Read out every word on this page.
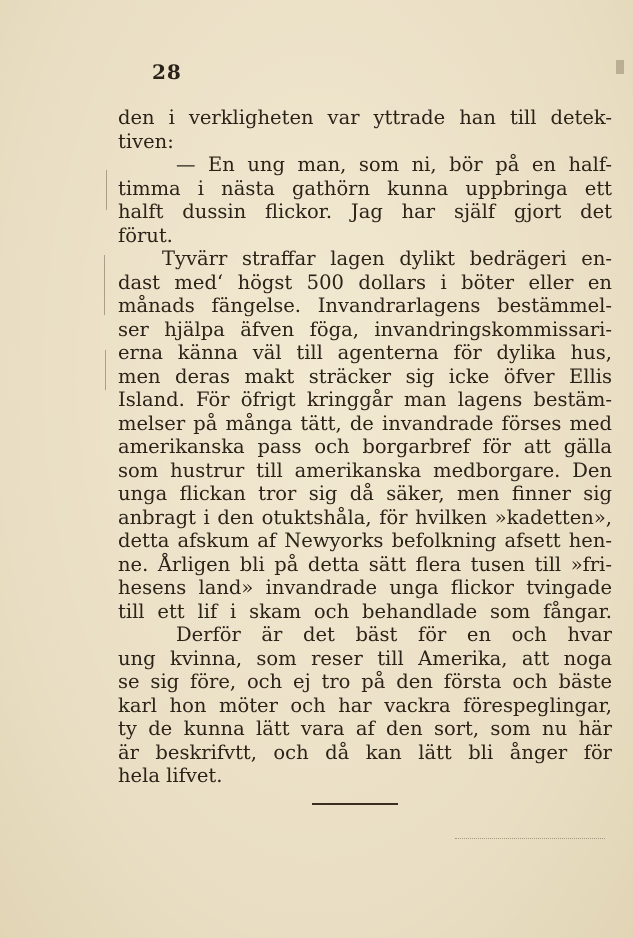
28
den i verkligheten var yttrade han till detek-
tiven:
— En ung man, som ni, bör på en half-
timma i nästa gathörn kunna uppbringa ett
halft dussin flickor. Jag har själf gjort det
förut.
Tyvärr straffar lagen dylikt bedrägeri en-
dast med‘ högst 500 dollars i böter eller en
månads fängelse. Invandrarlagens bestämmel-
ser hjälpa äfven föga, invandringskommissari-
erna känna väl till agenterna för dylika hus,
men deras makt sträcker sig icke öfver Ellis
Island. För öfrigt kringgår man lagens bestäm-
melser på många tätt, de invandrade förses med
amerikanska pass och borgarbref för att gälla
som hustrur till amerikanska medborgare. Den
unga flickan tror sig då säker, men finner sig
anbragt i den otuktshåla, för hvilken »kadetten»,
detta afskum af Newyorks befolkning afsett hen-
ne. Årligen bli på detta sätt flera tusen till »fri-
hesens land» invandrade unga flickor tvingade
till ett lif i skam och behandlade som fångar.
Derför är det bäst för en och hvar
ung kvinna, som reser till Amerika, att noga
se sig före, och ej tro på den första och bäste
karl hon möter och har vackra förespeglingar,
ty de kunna lätt vara af den sort, som nu här
är beskrifvtt, och då kan lätt bli ånger för
hela lifvet.
